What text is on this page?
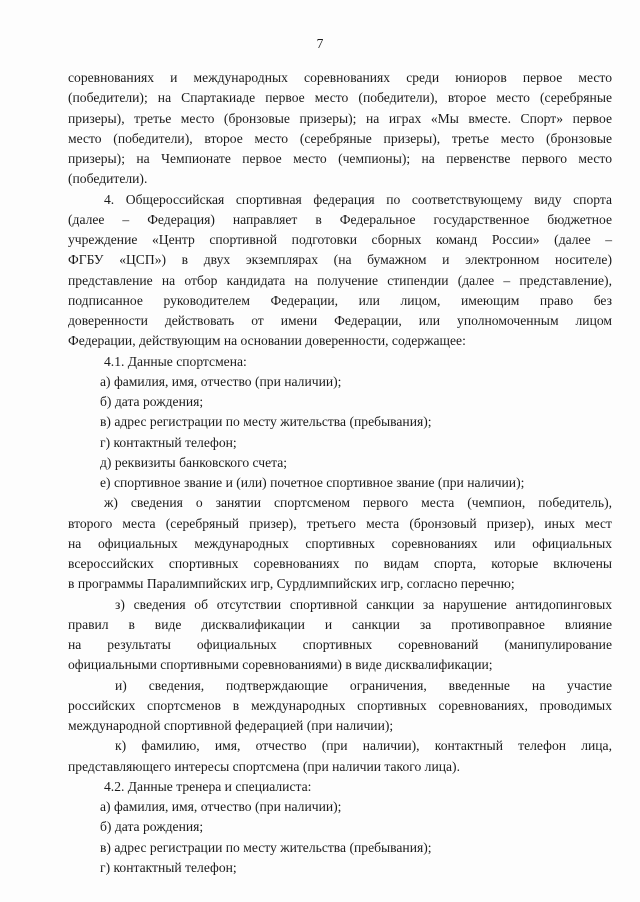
7

соревнованиях и международных соревнованиях среди юниоров первое место

(победители); на Спартакиаде первое место (победители), второе место (серебряные

призеры), третье место (бронзовые призеры); на играх «Мы вместе. Спорт» первое

место (победители), второе место (серебряные призеры), третье место (бронзовые

призеры); на Чемпионате первое место (чемпионы); на первенстве первого место

(победители).

4. Общероссийская спортивная федерация по соответствующему виду спорта

(далее – Федерация) направляет в Федеральное государственное бюджетное

учреждение «Центр спортивной подготовки сборных команд России» (далее –

ФГБУ «ЦСП») в двух экземплярах (на бумажном и электронном носителе)

представление на отбор кандидата на получение стипендии (далее – представление),

подписанное руководителем Федерации, или лицом, имеющим право без

доверенности действовать от имени Федерации, или уполномоченным лицом

Федерации, действующим на основании доверенности, содержащее:

4.1. Данные спортсмена:

а) фамилия, имя, отчество (при наличии);

б) дата рождения;

в) адрес регистрации по месту жительства (пребывания);

г) контактный телефон;

д) реквизиты банковского счета;

е) спортивное звание и (или) почетное спортивное звание (при наличии);

ж) сведения о занятии спортсменом первого места (чемпион, победитель),

второго места (серебряный призер), третьего места (бронзовый призер), иных мест

на официальных международных спортивных соревнованиях или официальных

всероссийских спортивных соревнованиях по видам спорта, которые включены

в программы Паралимпийских игр, Сурдлимпийских игр, согласно перечню;

з) сведения об отсутствии спортивной санкции за нарушение антидопинговых

правил в виде дисквалификации и санкции за противоправное влияние

на результаты официальных спортивных соревнований (манипулирование

официальными спортивными соревнованиями) в виде дисквалификации;

и) сведения, подтверждающие ограничения, введенные на участие

российских спортсменов в международных спортивных соревнованиях, проводимых

международной спортивной федерацией (при наличии);

к) фамилию, имя, отчество (при наличии), контактный телефон лица,

представляющего интересы спортсмена (при наличии такого лица).

4.2. Данные тренера и специалиста:

а) фамилия, имя, отчество (при наличии);

б) дата рождения;

в) адрес регистрации по месту жительства (пребывания);

г) контактный телефон;
